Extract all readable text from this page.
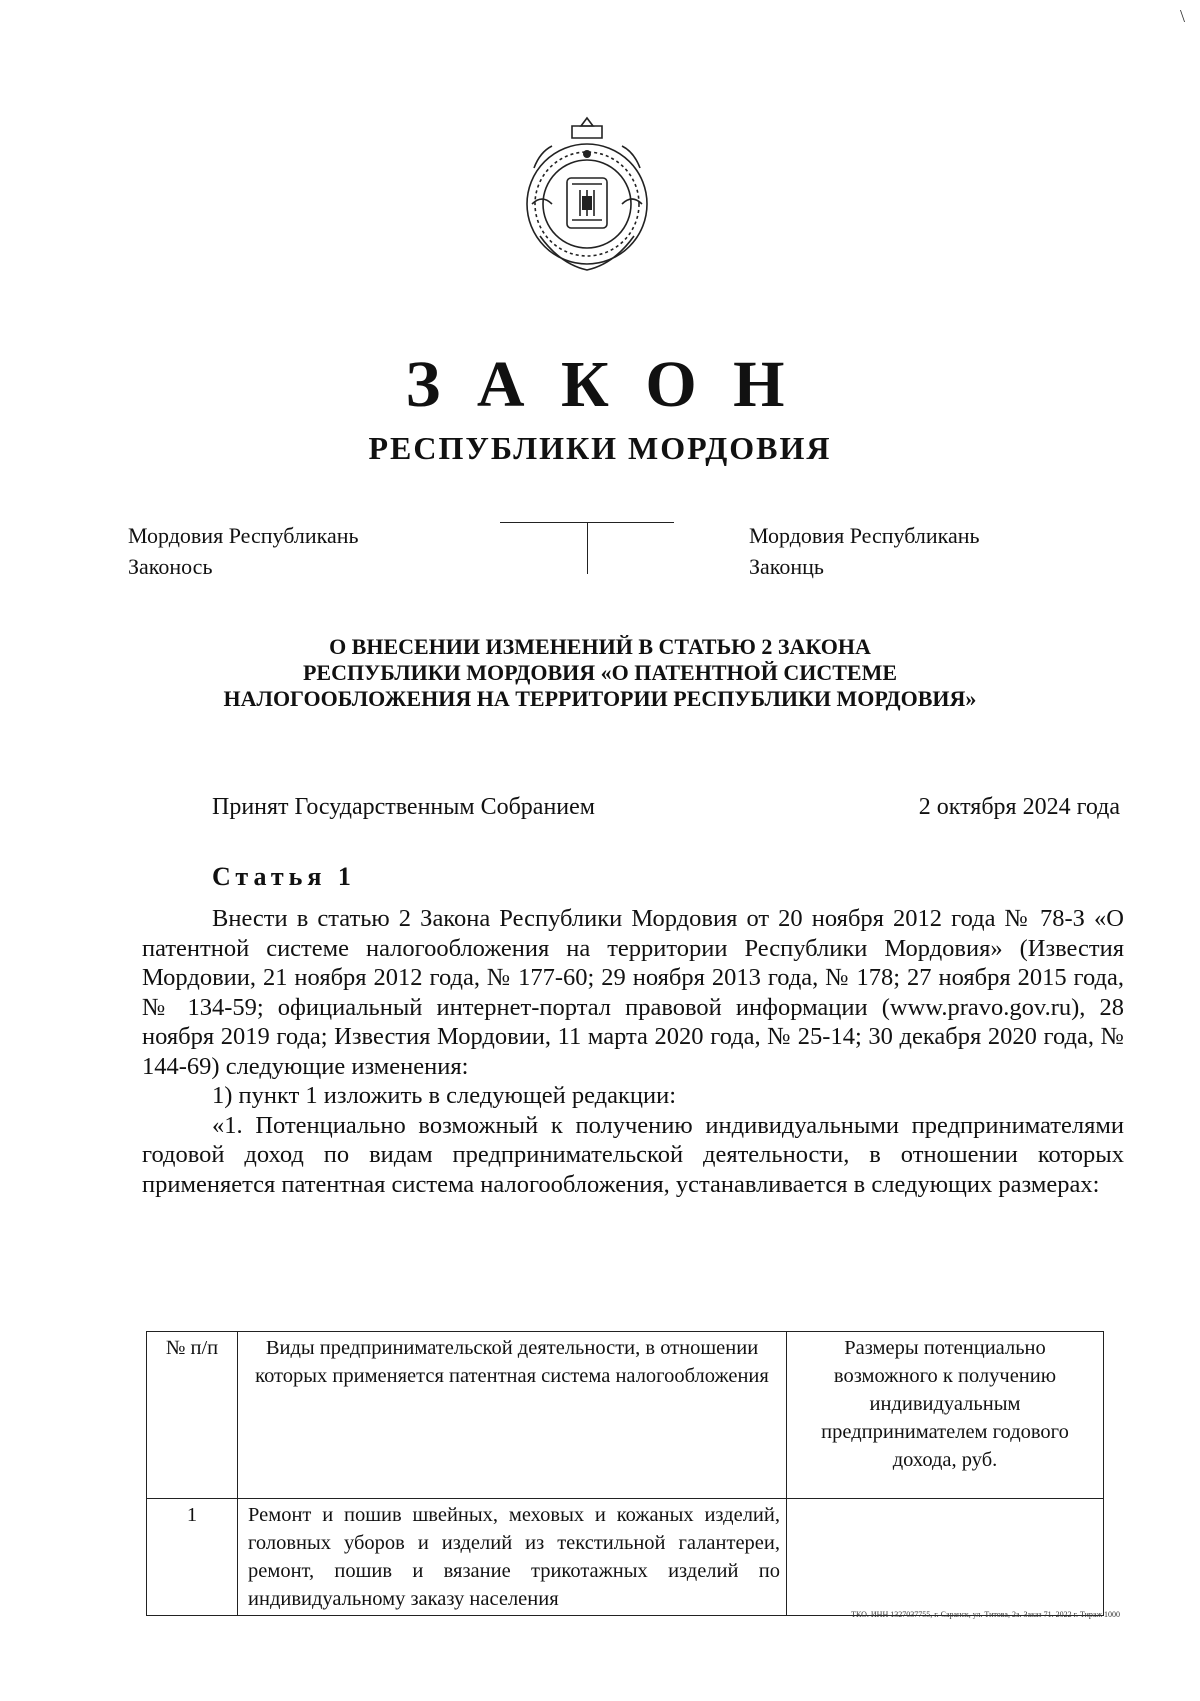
\
З А К О Н
РЕСПУБЛИКИ МОРДОВИЯ
Мордовия Республикань
Законось
Мордовия Республикань
Законць
О ВНЕСЕНИИ ИЗМЕНЕНИЙ В СТАТЬЮ 2 ЗАКОНА
РЕСПУБЛИКИ МОРДОВИЯ «О ПАТЕНТНОЙ СИСТЕМЕ
НАЛОГООБЛОЖЕНИЯ НА ТЕРРИТОРИИ РЕСПУБЛИКИ МОРДОВИЯ»
Принят Государственным Собранием	2 октября 2024 года
Статья 1

Внести в статью 2 Закона Республики Мордовия от 20 ноября 2012 года № 78-З «О патентной системе налогообложения на территории Республики Мордовия» (Известия Мордовии, 21 ноября 2012 года, № 177-60; 29 ноября 2013 года, № 178; 27 ноября 2015 года, № 134-59; официальный интернет-портал правовой информации (www.pravo.gov.ru), 28 ноября 2019 года; Известия Мордовии, 11 марта 2020 года, № 25-14; 30 декабря 2020 года, № 144-69) следующие изменения:

1) пункт 1 изложить в следующей редакции:

«1. Потенциально возможный к получению индивидуальными предпринимателями годовой доход по видам предпринимательской деятельности, в отношении которых применяется патентная система налогообложения, устанавливается в следующих размерах:

№ п/п	Виды предпринимательской деятельности, в отношении которых применяется патентная система налогообложения	Размеры потенциально возможного к получению индивидуальным предпринимателем годового дохода, руб.
1	Ремонт и пошив швейных, меховых и кожаных изделий, головных уборов и изделий из текстильной галантереи, ремонт, пошив и вязание трикотажных изделий по индивидуальному заказу населения	
ТКО. ИНН 1327037755, г. Саранск, ул. Титова, 2а. Заказ 71. 2022 г. Тираж 1000
